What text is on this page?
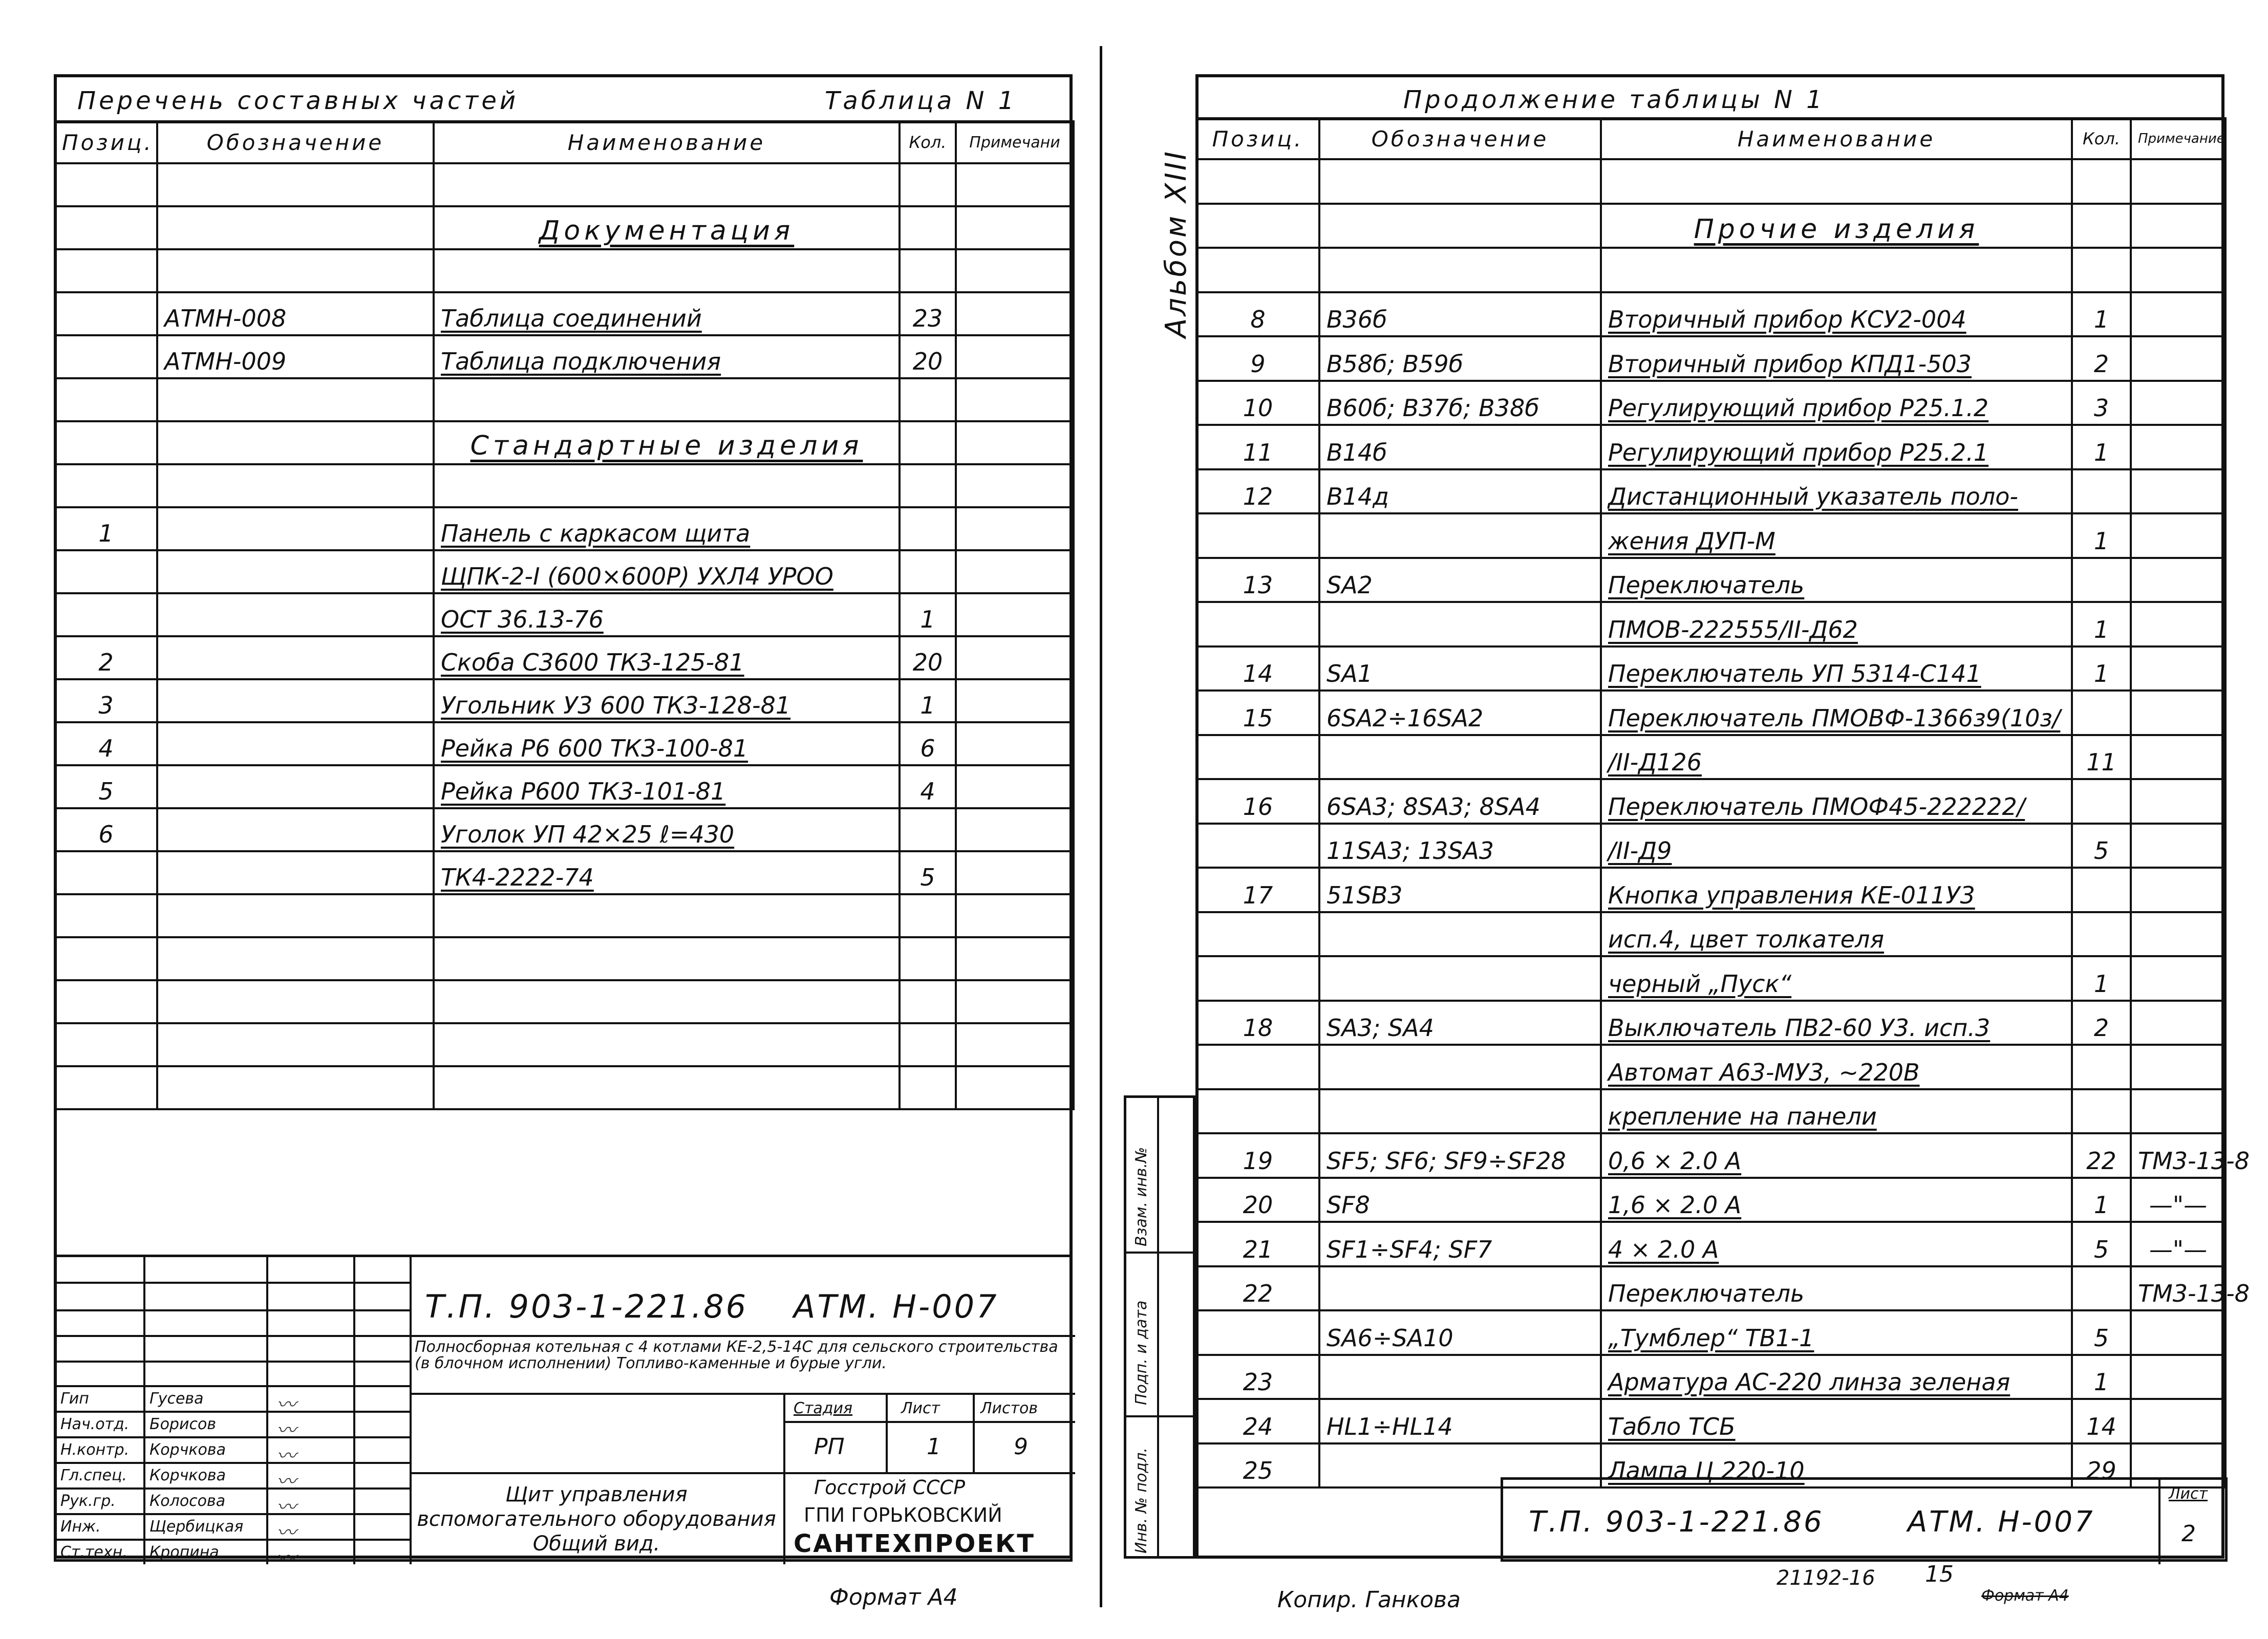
Перечень составных частей	Таблица N 1
Позиц.	Обозначение	Наименование	Кол.	Примечани

		Документация		

	АТМН-008	Таблица соединений	23	
	АТМН-009	Таблица подключения	20	

		Стандартные изделия		

1		Панель с каркасом щита		
		ЩПК-2-I (600×600Р) УХЛ4 УРОО		
		ОСТ 36.13-76	1	
2		Скоба С3600 ТК3-125-81	20	
3		Угольник У3 600 ТК3-128-81	1	
4		Рейка Р6 600 ТК3-100-81	6	
5		Рейка Р600 ТК3-101-81	4	
6		Уголок УП 42×25 ℓ=430		
		ТК4-2222-74	5	

Т.П. 903-1-221.86 АТМ. Н-007
Полносборная котельная с 4 котлами КЕ-2,5-14С для сельского строительства (в блочном исполнении) Топливо-каменные и бурые угли.
Стадия	Лист	Листов
РП	1	9
Щит управления вспомогательного оборудования Общий вид.
Госстрой СССР
ГПИ ГОРЬКОВСКИЙ
САНТЕХПРОЕКТ
Гип	Гусева	〰
Нач.отд. Борисов	〰
Н.контр. Корчкова	〰
Гл.спец. Корчкова	〰
Рук.гр. Колосова	〰
Инж.	Щербицкая 〰
Ст.техн. Кропина	〰
Формат А4
Альбом XIII
Продолжение таблицы N 1
Позиц.	Обозначение	Наименование	Кол.	Примечание

		Прочие изделия		

8	В36б	Вторичный прибор КСУ2-004	1	
9	В58б; В59б	Вторичный прибор КПД1-503	2	
10	В60б; В37б; В38б	Регулирующий прибор Р25.1.2	3	
11	В14б	Регулирующий прибор Р25.2.1	1	
12	В14д	Дистанционный указатель поло-		
		жения ДУП-М	1	
13	SA2	Переключатель		
		ПМОВ-222555/II-Д62	1	
14	SA1	Переключатель УП 5314-С141	1	
15	6SA2÷16SA2	Переключатель ПМОВФ-1366з9(10з/		
		/II-Д126	11	
16	6SA3; 8SA3; 8SA4	Переключатель ПМОФ45-222222/		
	11SA3; 13SA3	/II-Д9	5	
17	51SB3	Кнопка управления КЕ-011У3		
		исп.4, цвет толкателя		
		черный „Пуск“	1	
18	SA3; SA4	Выключатель ПВ2-60 У3. исп.3	2	
		Автомат А63-МУ3, ~220В		
		крепление на панели		
19	SF5; SF6; SF9÷SF28	0,6 × 2.0 А	22	ТМ3-13-8
20	SF8	1,6 × 2.0 А	1	—"—
21	SF1÷SF4; SF7	4 × 2.0 А	5	—"—
22		Переключатель		ТМ3-13-8
	SA6÷SA10	„Тумблер“ ТВ1-1	5	
23		Арматура АС-220 линза зеленая	1	
24	HL1÷HL14	Табло ТСБ	14	
25		Лампа Ц 220-10	29	
Т.П. 903-1-221.86	АТМ. Н-007
Лист
2
Инв. № подл.
Подп. и дата
Взам. инв.№
Копир. Ганкова
21192-16 15
Формат А4
